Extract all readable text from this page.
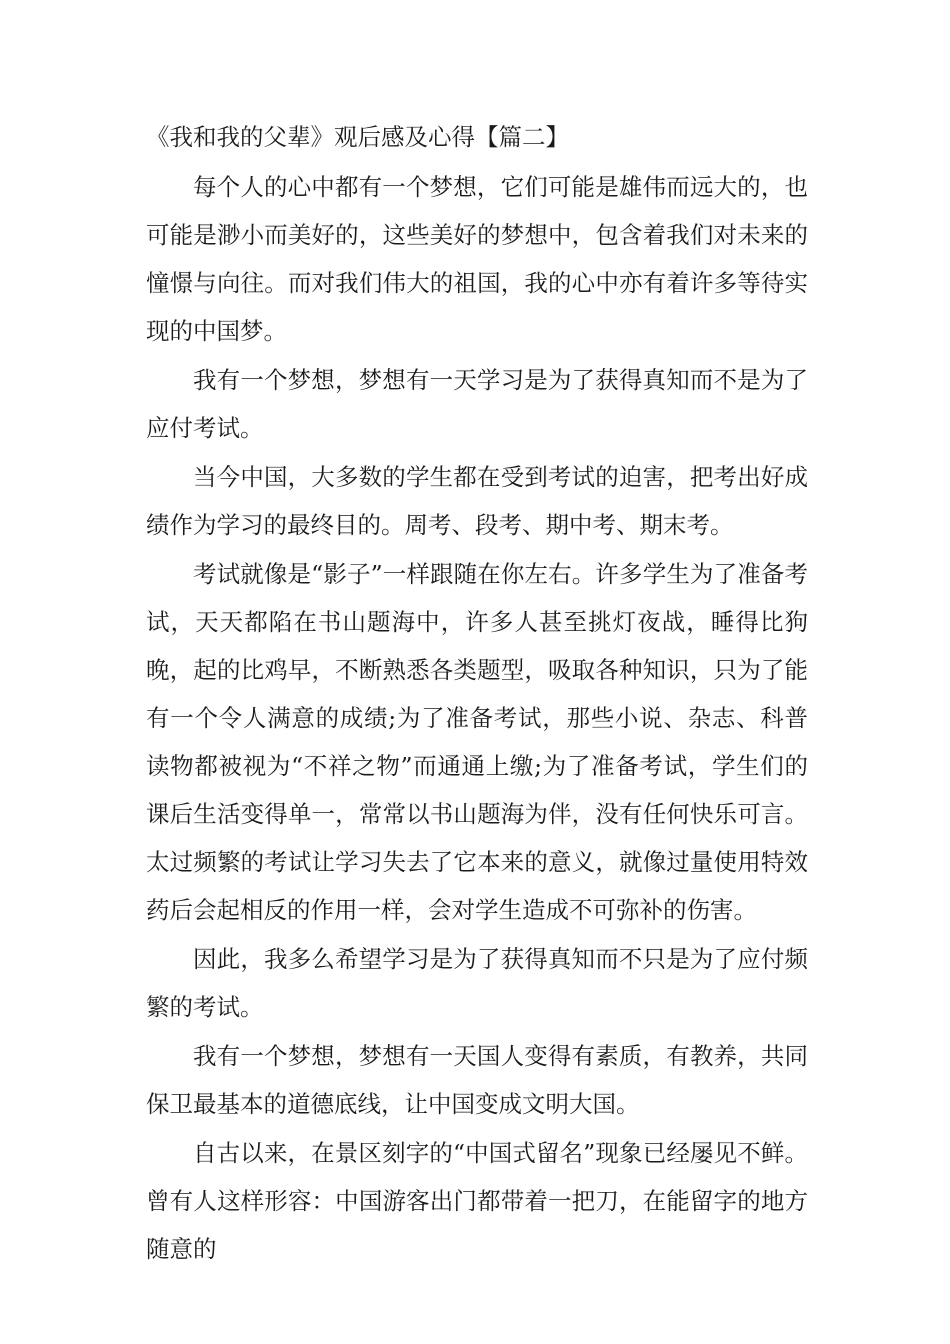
《我和我的父辈》观后感及心得【篇二】

每个人的心中都有一个梦想，它们可能是雄伟而远大的，也可能是渺小而美好的，这些美好的梦想中，包含着我们对未来的憧憬与向往。而对我们伟大的祖国，我的心中亦有着许多等待实现的中国梦。

我有一个梦想，梦想有一天学习是为了获得真知而不是为了应付考试。

当今中国，大多数的学生都在受到考试的迫害，把考出好成绩作为学习的最终目的。周考、段考、期中考、期末考。

考试就像是“影子”一样跟随在你左右。许多学生为了准备考试，天天都陷在书山题海中，许多人甚至挑灯夜战，睡得比狗晚，起的比鸡早，不断熟悉各类题型，吸取各种知识，只为了能有一个令人满意的成绩;为了准备考试，那些小说、杂志、科普读物都被视为“不祥之物”而通通上缴;为了准备考试，学生们的课后生活变得单一，常常以书山题海为伴，没有任何快乐可言。太过频繁的考试让学习失去了它本来的意义，就像过量使用特效药后会起相反的作用一样，会对学生造成不可弥补的伤害。

因此，我多么希望学习是为了获得真知而不只是为了应付频繁的考试。

我有一个梦想，梦想有一天国人变得有素质，有教养，共同保卫最基本的道德底线，让中国变成文明大国。

自古以来，在景区刻字的“中国式留名”现象已经屡见不鲜。曾有人这样形容：中国游客出门都带着一把刀，在能留字的地方随意的
